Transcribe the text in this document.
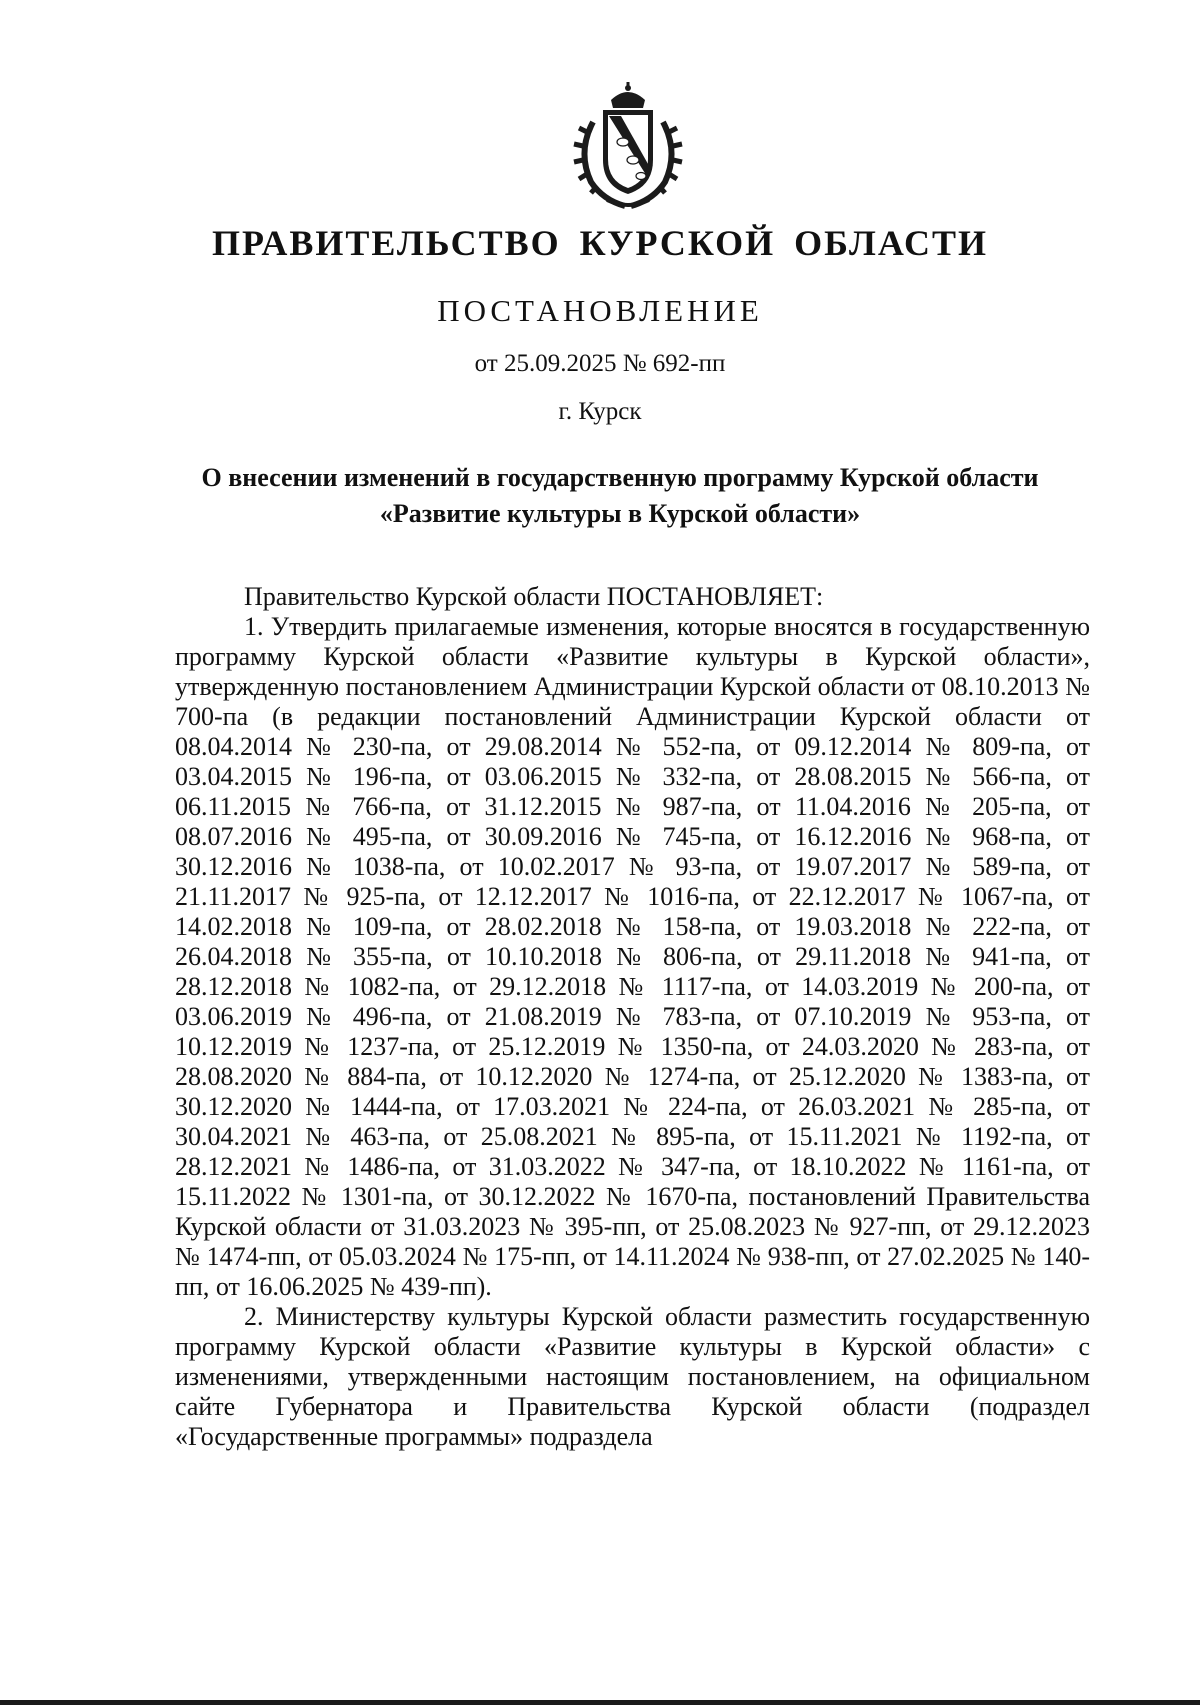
ПРАВИТЕЛЬСТВО КУРСКОЙ ОБЛАСТИ
ПОСТАНОВЛЕНИЕ
от 25.09.2025 № 692-пп
г. Курск
О внесении изменений в государственную программу Курской области
«Развитие культуры в Курской области»

Правительство Курской области ПОСТАНОВЛЯЕТ:

1. Утвердить прилагаемые изменения, которые вносятся в государственную программу Курской области «Развитие культуры в Курской области», утвержденную постановлением Администрации Курской области от 08.10.2013 № 700-па (в редакции постановлений Администрации Курской области от 08.04.2014 № 230-па, от 29.08.2014 № 552-па, от 09.12.2014 № 809-па, от 03.04.2015 № 196-па, от 03.06.2015 № 332-па, от 28.08.2015 № 566-па, от 06.11.2015 № 766-па, от 31.12.2015 № 987-па, от 11.04.2016 № 205-па, от 08.07.2016 № 495-па, от 30.09.2016 № 745-па, от 16.12.2016 № 968-па, от 30.12.2016 № 1038-па, от 10.02.2017 № 93-па, от 19.07.2017 № 589-па, от 21.11.2017 № 925-па, от 12.12.2017 № 1016-па, от 22.12.2017 № 1067-па, от 14.02.2018 № 109-па, от 28.02.2018 № 158-па, от 19.03.2018 № 222-па, от 26.04.2018 № 355-па, от 10.10.2018 № 806-па, от 29.11.2018 № 941-па, от 28.12.2018 № 1082-па, от 29.12.2018 № 1117-па, от 14.03.2019 № 200-па, от 03.06.2019 № 496-па, от 21.08.2019 № 783-па, от 07.10.2019 № 953-па, от 10.12.2019 № 1237-па, от 25.12.2019 № 1350-па, от 24.03.2020 № 283-па, от 28.08.2020 № 884-па, от 10.12.2020 № 1274-па, от 25.12.2020 № 1383-па, от 30.12.2020 № 1444-па, от 17.03.2021 № 224-па, от 26.03.2021 № 285-па, от 30.04.2021 № 463-па, от 25.08.2021 № 895-па, от 15.11.2021 № 1192-па, от 28.12.2021 № 1486-па, от 31.03.2022 № 347-па, от 18.10.2022 № 1161-па, от 15.11.2022 № 1301-па, от 30.12.2022 № 1670-па, постановлений Правительства Курской области от 31.03.2023 № 395-пп, от 25.08.2023 № 927-пп, от 29.12.2023 № 1474-пп, от 05.03.2024 № 175-пп, от 14.11.2024 № 938-пп, от 27.02.2025 № 140-пп, от 16.06.2025 № 439-пп).

2. Министерству культуры Курской области разместить государственную программу Курской области «Развитие культуры в Курской области» с изменениями, утвержденными настоящим постановлением, на официальном сайте Губернатора и Правительства Курской области (подраздел «Государственные программы» подраздела
